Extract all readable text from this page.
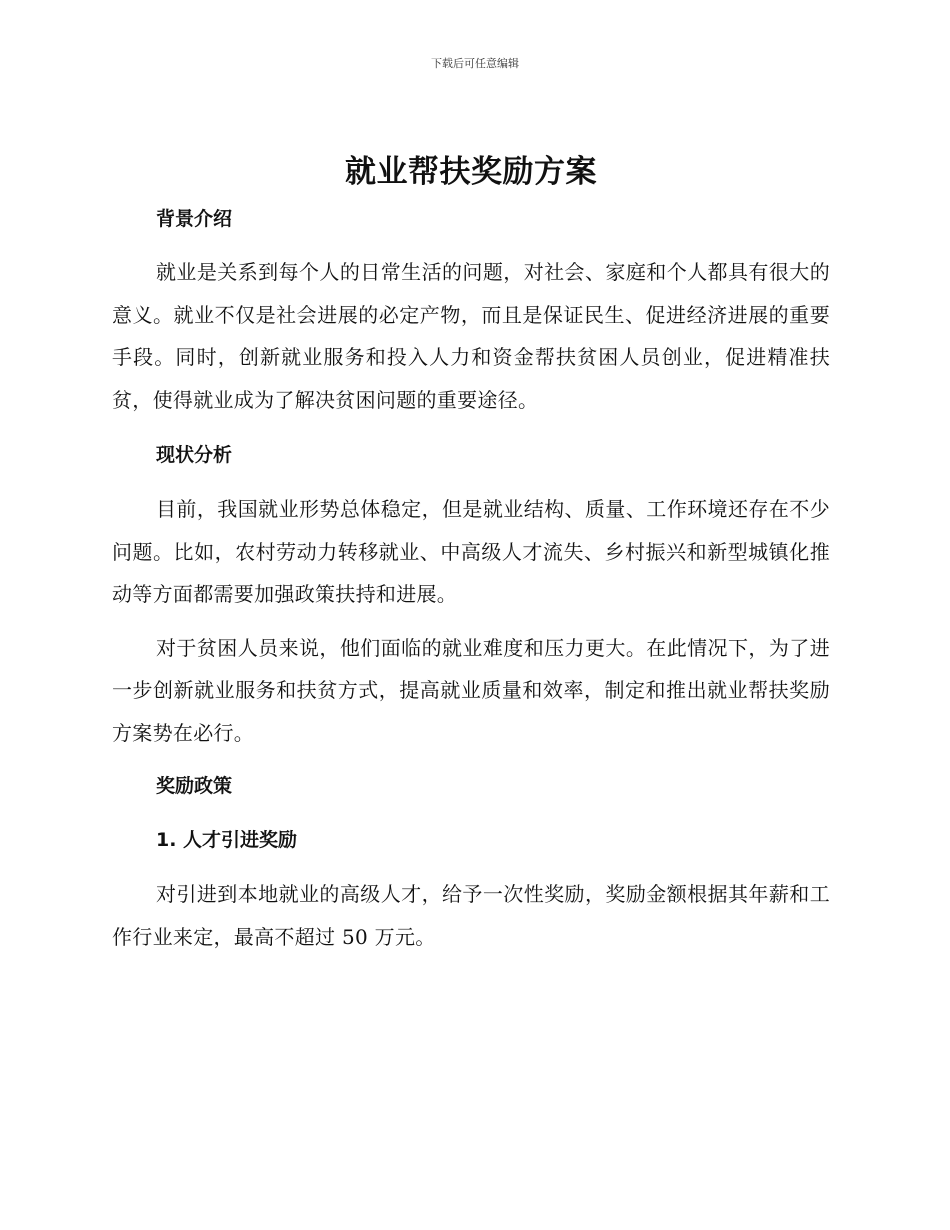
下载后可任意编辑
就业帮扶奖励方案
背景介绍

就业是关系到每个人的日常生活的问题，对社会、家庭和个人都具有很大的意义。就业不仅是社会进展的必定产物，而且是保证民生、促进经济进展的重要手段。同时，创新就业服务和投入人力和资金帮扶贫困人员创业，促进精准扶贫，使得就业成为了解决贫困问题的重要途径。

现状分析

目前，我国就业形势总体稳定，但是就业结构、质量、工作环境还存在不少问题。比如，农村劳动力转移就业、中高级人才流失、乡村振兴和新型城镇化推动等方面都需要加强政策扶持和进展。

对于贫困人员来说，他们面临的就业难度和压力更大。在此情况下，为了进一步创新就业服务和扶贫方式，提高就业质量和效率，制定和推出就业帮扶奖励方案势在必行。

奖励政策
1. 人才引进奖励

对引进到本地就业的高级人才，给予一次性奖励，奖励金额根据其年薪和工作行业来定，最高不超过 50 万元。
